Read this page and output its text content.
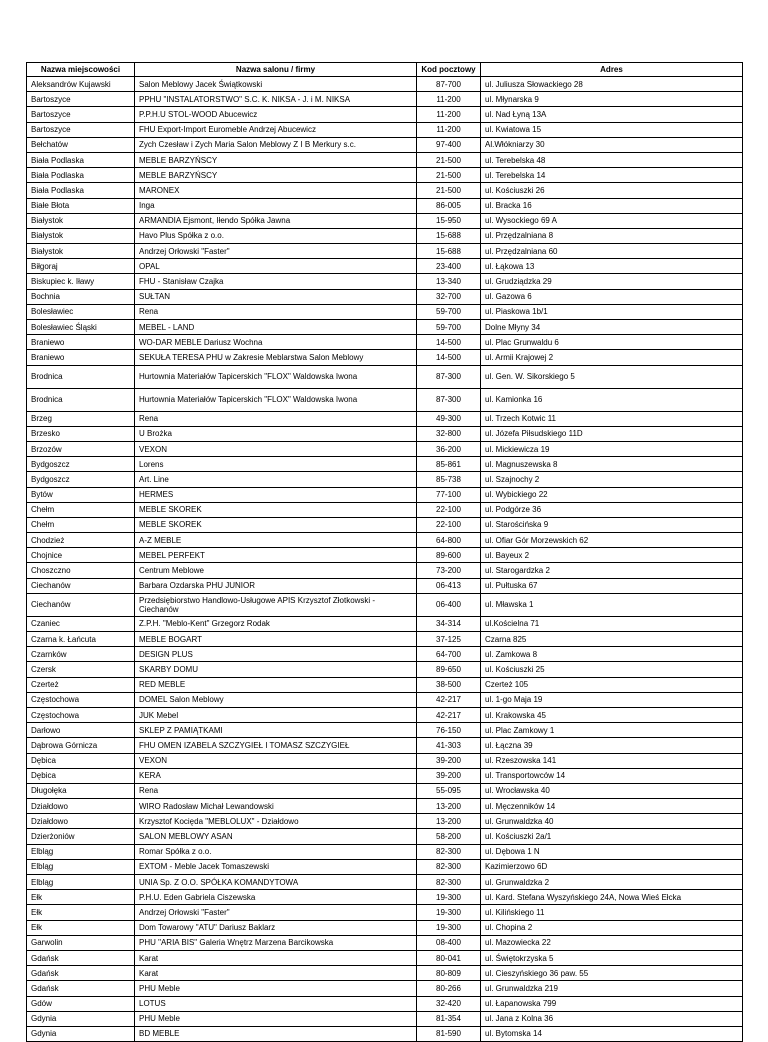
Nazwa miejscowości	Nazwa salonu / firmy	Kod pocztowy	Adres
Aleksandrów Kujawski	Salon Meblowy Jacek Świątkowski	87-700	ul. Juliusza Słowackiego 28
Bartoszyce	PPHU "INSTALATORSTWO" S.C. K. NIKSA - J. i M. NIKSA	11-200	ul. Młynarska 9
Bartoszyce	P.P.H.U STOL-WOOD Abucewicz	11-200	ul. Nad Łyną 13A
Bartoszyce	FHU Export-Import Euromeble Andrzej Abucewicz	11-200	ul. Kwiatowa 15
Bełchatów	Zych Czesław i Zych Maria Salon Meblowy Z I B Merkury s.c.	97-400	Al.Włókniarzy 30
Biała Podlaska	MEBLE BARZYŃSCY	21-500	ul. Terebelska 48
Biała Podlaska	MEBLE BARZYŃSCY	21-500	ul. Terebelska 14
Biała Podlaska	MARONEX	21-500	ul. Kościuszki 26
Białe Błota	Inga	86-005	ul. Bracka 16
Białystok	ARMANDIA Ejsmont, Iłendo Spółka Jawna	15-950	ul. Wysockiego 69 A
Białystok	Havo Plus Spółka z o.o.	15-688	ul. Przędzalniana 8
Białystok	Andrzej Orłowski "Faster"	15-688	ul. Przędzalniana 60
Biłgoraj	OPAL	23-400	ul. Łąkowa 13
Biskupiec k. Iławy	FHU - Stanisław Czajka	13-340	ul. Grudziądzka 29
Bochnia	SUŁTAN	32-700	ul. Gazowa 6
Bolesławiec	Rena	59-700	ul. Piaskowa 1b/1
Bolesławiec Śląski	MEBEL - LAND	59-700	Dolne Młyny 34
Braniewo	WO-DAR MEBLE Dariusz Wochna	14-500	ul. Plac Grunwaldu 6
Braniewo	SEKUŁA TERESA PHU w Zakresie Meblarstwa Salon Meblowy	14-500	ul. Armii Krajowej 2
Brodnica	Hurtownia Materiałów Tapicerskich "FLOX" Waldowska Iwona	87-300	ul. Gen. W. Sikorskiego 5
Brodnica	Hurtownia Materiałów Tapicerskich "FLOX" Waldowska Iwona	87-300	ul. Kamionka 16
Brzeg	Rena	49-300	ul. Trzech Kotwic 11
Brzesko	U Brożka	32-800	ul. Józefa Piłsudskiego 11D
Brzozów	VEXON	36-200	ul. Mickiewicza 19
Bydgoszcz	Lorens	85-861	ul. Magnuszewska 8
Bydgoszcz	Art. Line	85-738	ul. Szajnochy 2
Bytów	HERMES	77-100	ul. Wybickiego 22
Chełm	MEBLE SKOREK	22-100	ul. Podgórze 36
Chełm	MEBLE SKOREK	22-100	ul. Starościńska 9
Chodzież	A-Z MEBLE	64-800	ul. Ofiar Gór Morzewskich 62
Chojnice	MEBEL PERFEKT	89-600	ul. Bayeux 2
Choszczno	Centrum Meblowe	73-200	ul. Starogardzka 2
Ciechanów	Barbara Ozdarska PHU JUNIOR	06-413	ul. Pułtuska 67
Ciechanów	Przedsiębiorstwo Handlowo-Usługowe APIS Krzysztof Złotkowski - Ciechanów	06-400	ul. Mławska 1
Czaniec	Z.P.H. "Meblo-Kent" Grzegorz Rodak	34-314	ul.Kościelna 71
Czarna k. Łańcuta	MEBLE BOGART	37-125	Czarna 825
Czarnków	DESIGN PLUS	64-700	ul. Zamkowa 8
Czersk	SKARBY DOMU	89-650	ul. Kościuszki 25
Czerteż	RED MEBLE	38-500	Czerteż 105
Częstochowa	DOMEL Salon Meblowy	42-217	ul. 1-go Maja 19
Częstochowa	JUK Mebel	42-217	ul. Krakowska 45
Darłowo	SKLEP Z PAMIĄTKAMI	76-150	ul. Plac Zamkowy 1
Dąbrowa Górnicza	FHU OMEN IZABELA SZCZYGIEŁ I TOMASZ SZCZYGIEŁ	41-303	ul. Łączna 39
Dębica	VEXON	39-200	ul. Rzeszowska 141
Dębica	KERA	39-200	ul. Transportowców 14
Długołęka	Rena	55-095	ul. Wrocławska 40
Działdowo	WIRO Radosław Michał Lewandowski	13-200	ul. Męczenników 14
Działdowo	Krzysztof Kocięda "MEBLOLUX" - Działdowo	13-200	ul. Grunwaldzka 40
Dzierżoniów	SALON MEBLOWY ASAN	58-200	ul. Kościuszki 2a/1
Elbląg	Romar Spółka z o.o.	82-300	ul. Dębowa 1 N
Elbląg	EXTOM - Meble Jacek Tomaszewski	82-300	Kazimierzowo 6D
Elbląg	UNIA Sp. Z O.O. SPÓŁKA KOMANDYTOWA	82-300	ul. Grunwaldzka 2
Ełk	P.H.U. Eden Gabriela Ciszewska	19-300	ul. Kard. Stefana Wyszyńskiego 24A, Nowa Wieś Ełcka
Ełk	Andrzej Orłowski "Faster"	19-300	ul. Kilińskiego 11
Ełk	Dom Towarowy "ATU" Dariusz Baklarz	19-300	ul. Chopina 2
Garwolin	PHU "ARIA BIS" Galeria Wnętrz Marzena Barcikowska	08-400	ul. Mazowiecka 22
Gdańsk	Karat	80-041	ul. Świętokrzyska 5
Gdańsk	Karat	80-809	ul. Cieszyńskiego 36 paw. 55
Gdańsk	PHU Meble	80-266	ul. Grunwaldzka 219
Gdów	LOTUS	32-420	ul. Łapanowska 799
Gdynia	PHU Meble	81-354	ul. Jana z Kolna 36
Gdynia	BD MEBLE	81-590	ul. Bytomska 14
